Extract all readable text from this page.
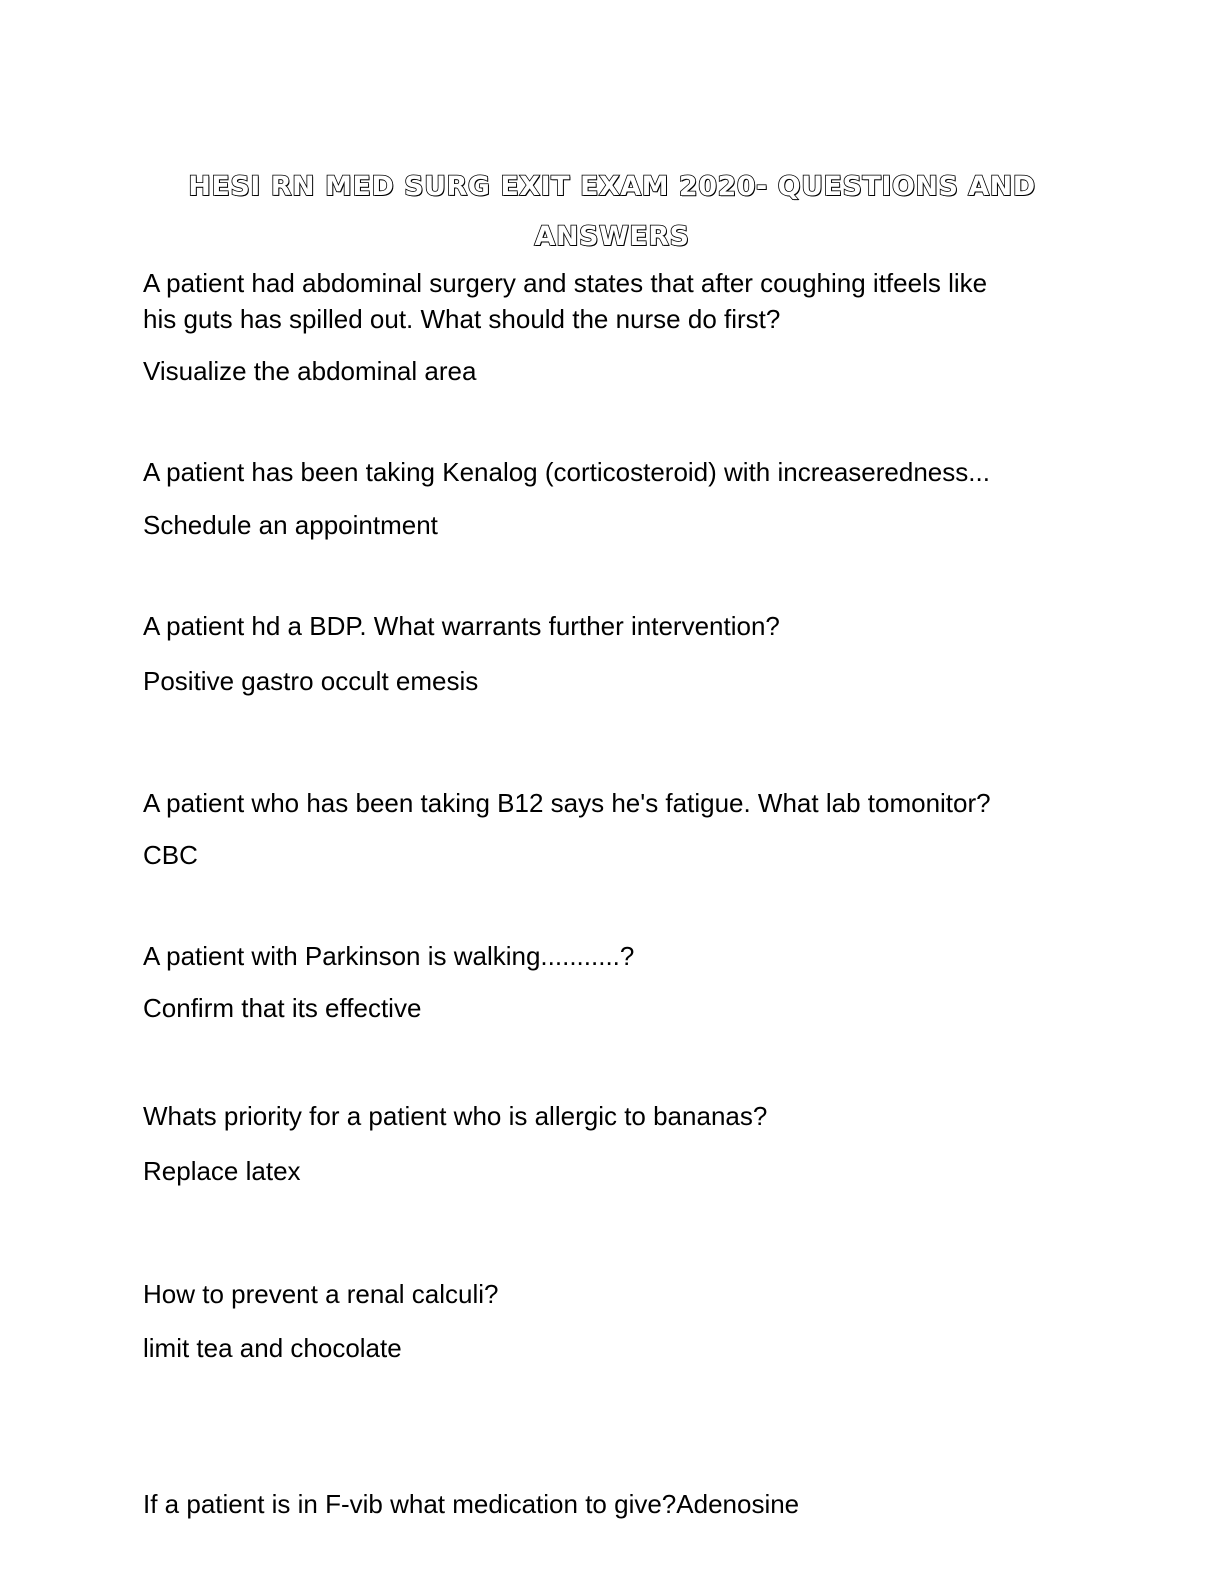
HESI RN MED SURG EXIT EXAM 2020- QUESTIONS AND
ANSWERS
A patient had abdominal surgery and states that after coughing itfeels like
his guts has spilled out. What should the nurse do first?
Visualize the abdominal area
A patient has been taking Kenalog (corticosteroid) with increaseredness...
Schedule an appointment
A patient hd a BDP. What warrants further intervention?
Positive gastro occult emesis
A patient who has been taking B12 says he's fatigue. What lab tomonitor?
CBC
A patient with Parkinson is walking...........?
Confirm that its effective
Whats priority for a patient who is allergic to bananas?
Replace latex
How to prevent a renal calculi?
limit tea and chocolate
If a patient is in F-vib what medication to give?Adenosine
